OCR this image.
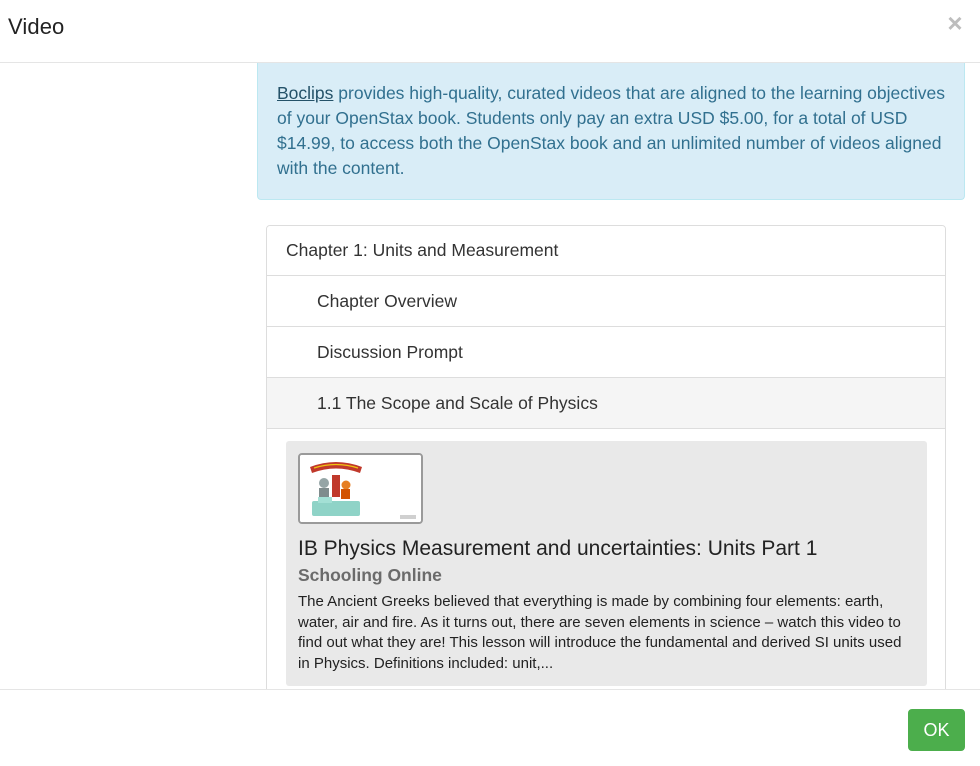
Video	×
Boclips provides high-quality, curated videos that are aligned to the learning objectives of your OpenStax book. Students only pay an extra USD $5.00, for a total of USD $14.99, to access both the OpenStax book and an unlimited number of videos aligned with the content.
Chapter 1: Units and Measurement
Chapter Overview
Discussion Prompt
1.1 The Scope and Scale of Physics
IB Physics Measurement and uncertainties: Units Part 1
Schooling Online
The Ancient Greeks believed that everything is made by combining four elements: earth, water, air and fire. As it turns out, there are seven elements in science – watch this video to find out what they are! This lesson will introduce the fundamental and derived SI units used in Physics. Definitions included: unit,...
OK
